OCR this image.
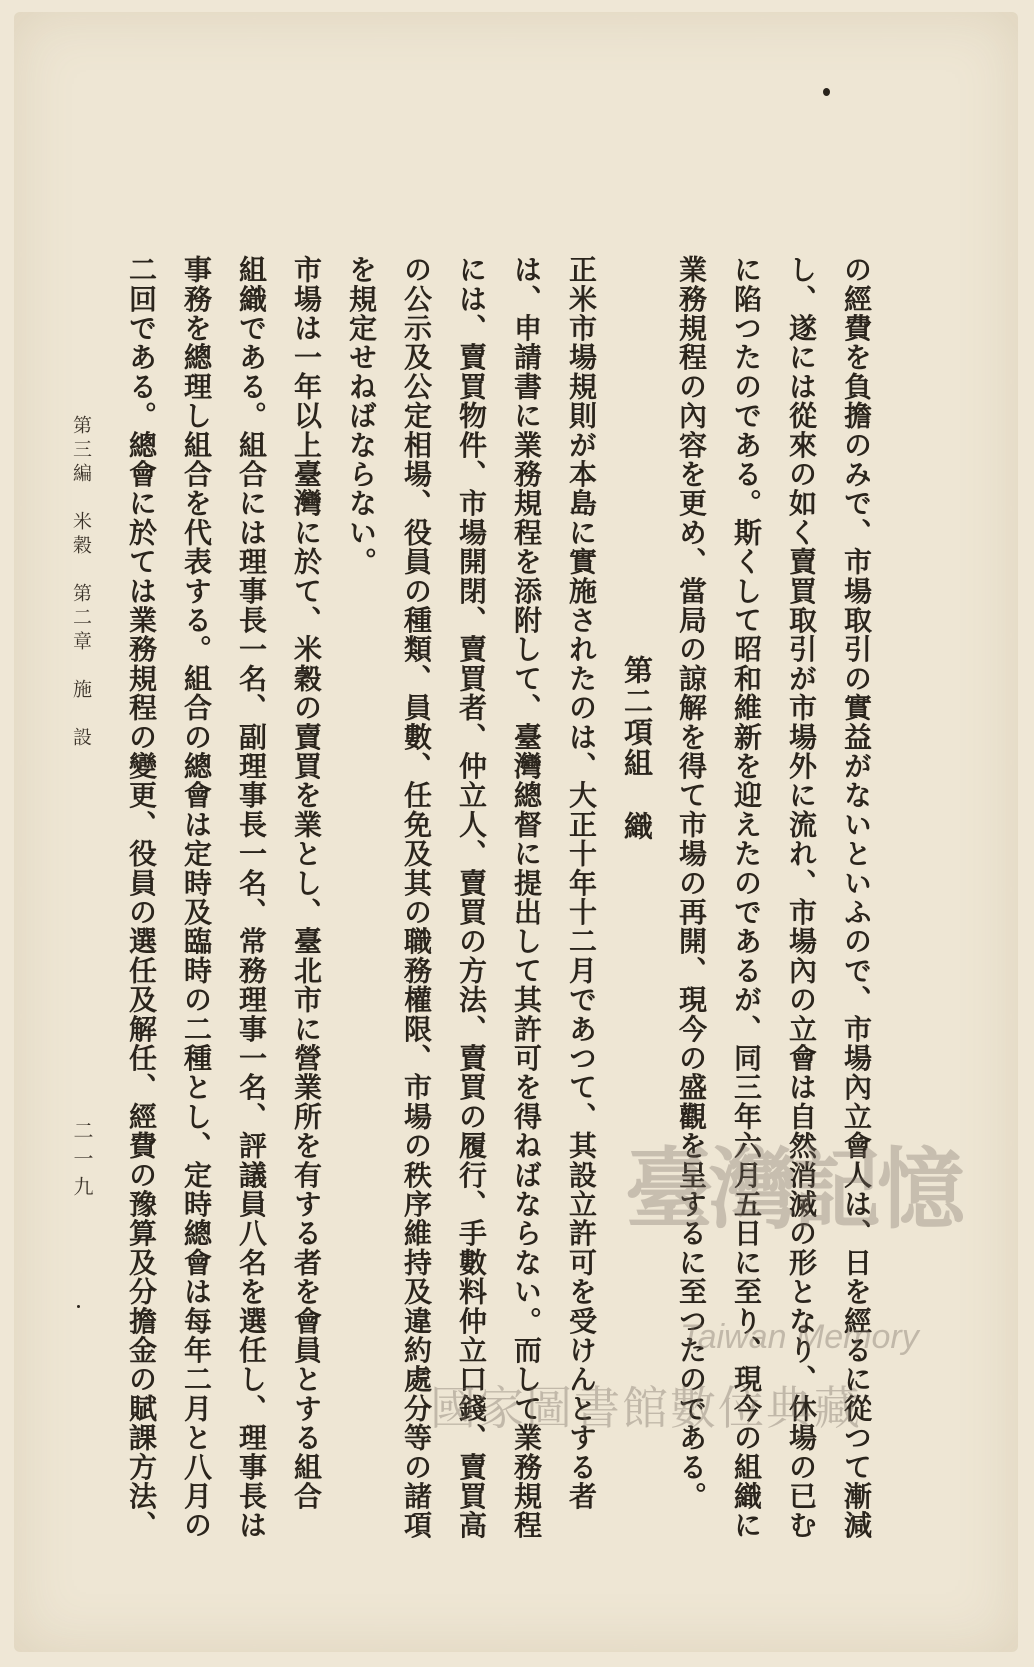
の經費を負擔のみで、市場取引の實益がないといふので、市場內立會人は、日を經るに從つて漸減

し、遂には從來の如く賣買取引が市場外に流れ、市場內の立會は自然消滅の形となり、休場の已む

に陷つたのである。斯くして昭和維新を迎えたのであるが、同三年六月五日に至り、現今の組織に

業務規程の內容を更め、當局の諒解を得て市場の再開、現今の盛觀を呈するに至つたのである。

第二項組織

正米市場規則が本島に實施されたのは、大正十年十二月であつて、其設立許可を受けんとする者

は、申請書に業務規程を添附して、臺灣總督に提出して其許可を得ねばならない。而して業務規程

には、賣買物件、市場開閉、賣買者、仲立人、賣買の方法、賣買の履行、手數料仲立口錢、賣買高

の公示及公定相場、役員の種類、員數、任免及其の職務權限、市場の秩序維持及違約處分等の諸項

を規定せねばならない。

市場は一年以上臺灣に於て、米穀の賣買を業とし、臺北市に營業所を有する者を會員とする組合

組織である。組合には理事長一名、副理事長一名、常務理事一名、評議員八名を選任し、理事長は

事務を總理し組合を代表する。組合の總會は定時及臨時の二種とし、定時總會は每年二月と八月の

二回である。總會に於ては業務規程の變更、役員の選任及解任、經費の豫算及分擔金の賦課方法、

第三編　米穀　第二章　施　設
二一九	臺灣記憶
Taiwan Memory
國家圖書館數位典藏
